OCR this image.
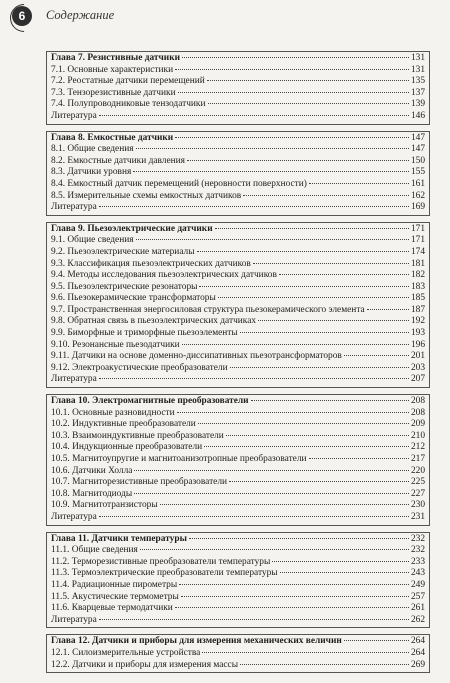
6	Содержание
Глава 7. Резистивные датчики	131
7.1. Основные характеристики	131
7.2. Реостатные датчики перемещений	135
7.3. Тензорезистивные датчики	137
7.4. Полупроводниковые тензодатчики	139
Литература	146
Глава 8. Емкостные датчики	147
8.1. Общие сведения	147
8.2. Емкостные датчики давления	150
8.3. Датчики уровня	155
8.4. Емкостный датчик перемещений (неровности поверхности)	161
8.5. Измерительные схемы емкостных датчиков	162
Литература	169
Глава 9. Пьезоэлектрические датчики	171
9.1. Общие сведения	171
9.2. Пьезоэлектрические материалы	174
9.3. Классификация пьезоэлектрических датчиков	181
9.4. Методы исследования пьезоэлектрических датчиков	182
9.5. Пьезоэлектрические резонаторы	183
9.6. Пьезокерамические трансформаторы	185
9.7. Пространственная энергосиловая структура пьезокерамического элемента	187
9.8. Обратная связь в пьезоэлектрических датчиках	192
9.9. Биморфные и триморфные пьезоэлементы	193
9.10. Резонансные пьезодатчики	196
9.11. Датчики на основе доменно-диссипативных пьезотрансформаторов	201
9.12. Электроакустические преобразователи	203
Литература	207
Глава 10. Электромагнитные преобразователи	208
10.1. Основные разновидности	208
10.2. Индуктивные преобразователи	209
10.3. Взаимоиндуктивные преобразователи	210
10.4. Индукционные преобразователи	212
10.5. Магнитоупругие и магнитоанизотропные преобразователи	217
10.6. Датчики Холла	220
10.7. Магниторезистивные преобразователи	225
10.8. Магнитодиоды	227
10.9. Магнитотранзисторы	230
Литература	231
Глава 11. Датчики температуры	232
11.1. Общие сведения	232
11.2. Терморезистивные преобразователи температуры	233
11.3. Термоэлектрические преобразователи температуры	243
11.4. Радиационные пирометры	249
11.5. Акустические термометры	257
11.6. Кварцевые термодатчики	261
Литература	262
Глава 12. Датчики и приборы для измерения механических величин	264
12.1. Силоизмерительные устройства	264
12.2. Датчики и приборы для измерения массы	269
